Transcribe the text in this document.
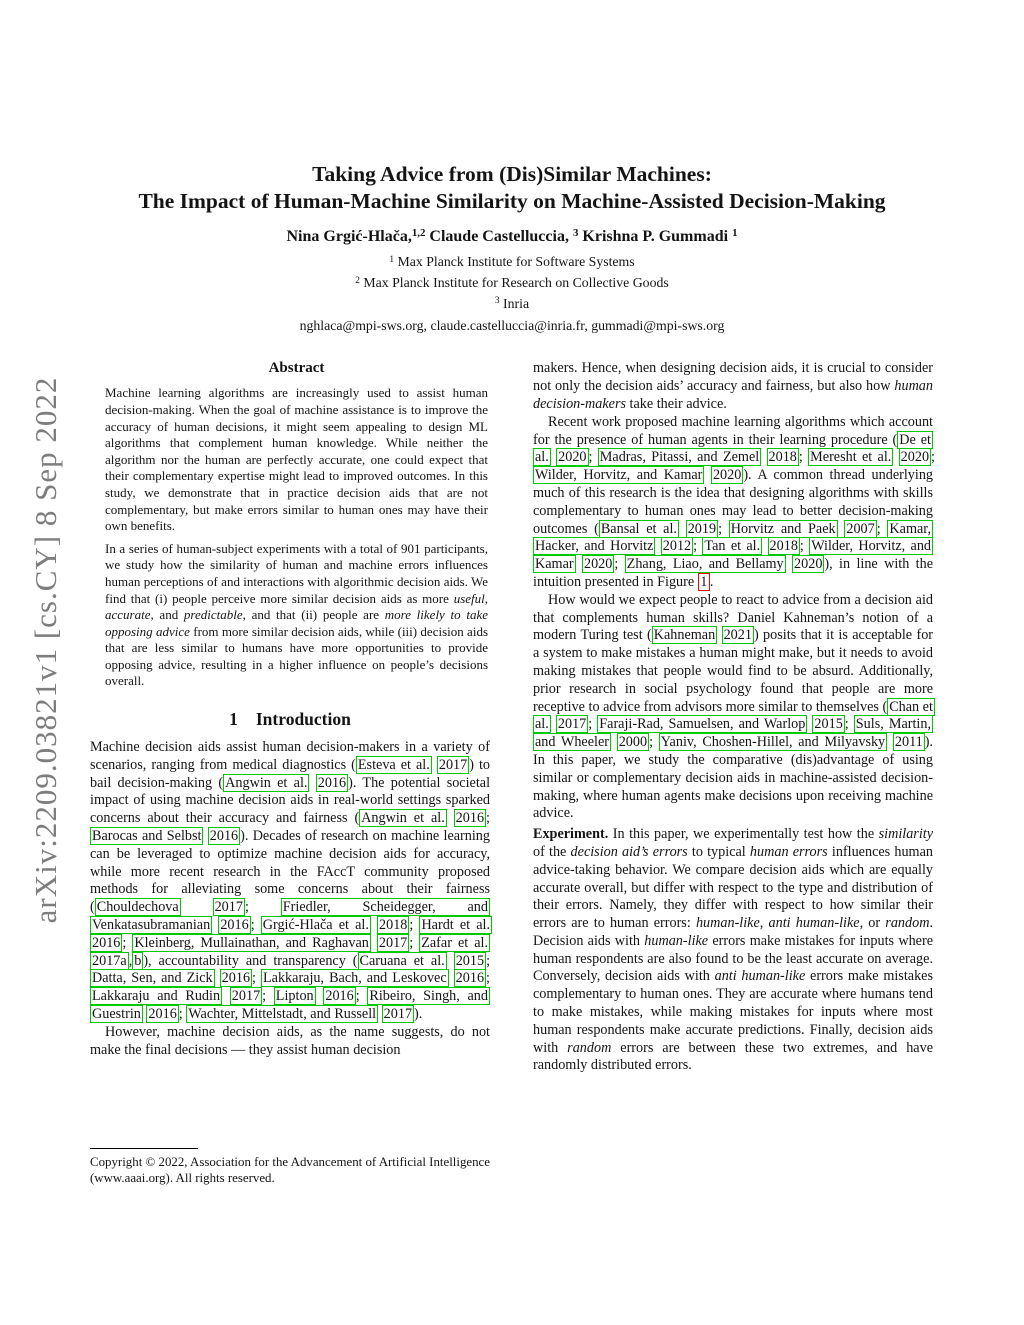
arXiv:2209.03821v1 [cs.CY] 8 Sep 2022
Taking Advice from (Dis)Similar Machines:
The Impact of Human-Machine Similarity on Machine-Assisted Decision-Making
Nina Grgić-Hlača,$^{1,2}$ Claude Castelluccia, $^3$ Krishna P. Gummadi $^1$
$^1$ Max Planck Institute for Software Systems
$^2$ Max Planck Institute for Research on Collective Goods
$^3$ Inria
nghlaca@mpi-sws.org, claude.castelluccia@inria.fr, gummadi@mpi-sws.org
Abstract

Machine learning algorithms are increasingly used to assist human decision-making. When the goal of machine assistance is to improve the accuracy of human decisions, it might seem appealing to design ML algorithms that complement human knowledge. While neither the algorithm nor the human are perfectly accurate, one could expect that their complementary expertise might lead to improved outcomes. In this study, we demonstrate that in practice decision aids that are not complementary, but make errors similar to human ones may have their own benefits.

In a series of human-subject experiments with a total of 901 participants, we study how the similarity of human and machine errors influences human perceptions of and interactions with algorithmic decision aids. We find that (i) people perceive more similar decision aids as more useful, accurate, and predictable, and that (ii) people are more likely to take opposing advice from more similar decision aids, while (iii) decision aids that are less similar to humans have more opportunities to provide opposing advice, resulting in a higher influence on people’s decisions overall.

1 Introduction

Machine decision aids assist human decision-makers in a variety of scenarios, ranging from medical diagnostics ( Esteva et al. 2017 ) to bail decision-making ( Angwin et al. 2016 ). The potential societal impact of using machine decision aids in real-world settings sparked concerns about their accuracy and fairness ( Angwin et al. 2016 ; Barocas and Selbst 2016 ). Decades of research on machine learning can be leveraged to optimize machine decision aids for accuracy, while more recent research in the FAccT community proposed methods for alleviating some concerns about their fairness ( Chouldechova	2017 ; Friedler, Scheidegger, and Venkatasubramanian 2016 ; Grgić-Hlača et al. 2018 ; Hardt et al. 2016 ; Kleinberg, Mullainathan, and Raghavan 2017 ; Zafar et al. 2017a , b ), accountability and transparency ( Caruana et al. 2015 ; Datta, Sen, and Zick 2016 ; Lakkaraju, Bach, and Leskovec 2016 ; Lakkaraju and Rudin 2017 ; Lipton 2016 ; Ribeiro, Singh, and Guestrin 2016 ; Wachter, Mittelstadt, and Russell 2017 ).

However, machine decision aids, as the name suggests, do not make the final decisions — they assist human decision

Copyright © 2022, Association for the Advancement of Artificial Intelligence (www.aaai.org). All rights reserved.

makers. Hence, when designing decision aids, it is crucial to consider not only the decision aids’ accuracy and fairness, but also how human decision-makers take their advice.

Recent work proposed machine learning algorithms which account for the presence of human agents in their learning procedure ( De et al. 2020 ; Madras, Pitassi, and Zemel 2018 ; Meresht et al. 2020 ; Wilder, Horvitz, and Kamar 2020 ). A common thread underlying much of this research is the idea that designing algorithms with skills complementary to human ones may lead to better decision-making outcomes ( Bansal et al. 2019 ; Horvitz and Paek 2007 ; Kamar, Hacker, and Horvitz 2012 ; Tan et al. 2018 ; Wilder, Horvitz, and Kamar 2020 ; Zhang, Liao, and Bellamy 2020 ), in line with the intuition presented in Figure 1 .

How would we expect people to react to advice from a decision aid that complements human skills? Daniel Kahneman’s notion of a modern Turing test ( Kahneman 2021 ) posits that it is acceptable for a system to make mistakes a human might make, but it needs to avoid making mistakes that people would find to be absurd. Additionally, prior research in social psychology found that people are more receptive to advice from advisors more similar to themselves ( Chan et al. 2017 ; Faraji-Rad, Samuelsen, and Warlop 2015 ; Suls, Martin, and Wheeler 2000 ; Yaniv, Choshen-Hillel, and Milyavsky 2011 ). In this paper, we study the comparative (dis)advantage of using similar or complementary decision aids in machine-assisted decision-making, where human agents make decisions upon receiving machine advice.

Experiment. In this paper, we experimentally test how the similarity of the decision aid’s errors to typical human errors influences human advice-taking behavior. We compare decision aids which are equally accurate overall, but differ with respect to the type and distribution of their errors. Namely, they differ with respect to how similar their errors are to human errors: human-like, anti human-like, or random. Decision aids with human-like errors make mistakes for inputs where human respondents are also found to be the least accurate on average. Conversely, decision aids with anti human-like errors make mistakes complementary to human ones. They are accurate where humans tend to make mistakes, while making mistakes for inputs where most human respondents make accurate predictions. Finally, decision aids with random errors are between these two extremes, and have randomly distributed errors.
